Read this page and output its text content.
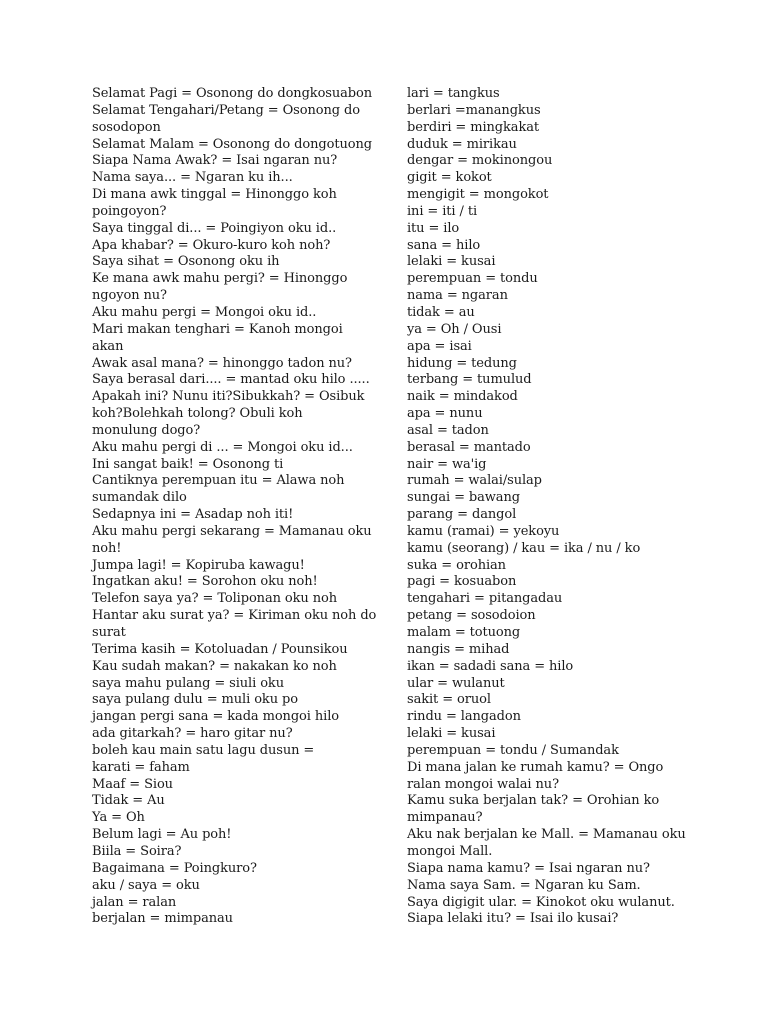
Selamat Pagi = Osonong do dongkosuabon
Selamat Tengahari/Petang = Osonong do
sosodopon
Selamat Malam = Osonong do dongotuong
Siapa Nama Awak? = Isai ngaran nu?
Nama saya... = Ngaran ku ih...
Di mana awk tinggal = Hinonggo koh
poingoyon?
Saya tinggal di... = Poingiyon oku id..
Apa khabar? = Okuro-kuro koh noh?
Saya sihat = Osonong oku ih
Ke mana awk mahu pergi? = Hinonggo
ngoyon nu?
Aku mahu pergi = Mongoi oku id..
Mari makan tenghari = Kanoh mongoi
akan
Awak asal mana? = hinonggo tadon nu?
Saya berasal dari.... = mantad oku hilo .....
Apakah ini? Nunu iti?Sibukkah? = Osibuk
koh?Bolehkah tolong? Obuli koh
monulung dogo?
Aku mahu pergi di ... = Mongoi oku id...
Ini sangat baik! = Osonong ti
Cantiknya perempuan itu = Alawa noh
sumandak dilo
Sedapnya ini = Asadap noh iti!
Aku mahu pergi sekarang = Mamanau oku
noh!
Jumpa lagi! = Kopiruba kawagu!
Ingatkan aku! = Sorohon oku noh!
Telefon saya ya? = Toliponan oku noh
Hantar aku surat ya? = Kiriman oku noh do
surat
Terima kasih = Kotoluadan / Pounsikou
Kau sudah makan? = nakakan ko noh
saya mahu pulang = siuli oku
saya pulang dulu = muli oku po
jangan pergi sana = kada mongoi hilo
ada gitarkah? = haro gitar nu?
boleh kau main satu lagu dusun =
karati = faham
Maaf = Siou
Tidak = Au
Ya = Oh
Belum lagi = Au poh!
Biila = Soira?
Bagaimana = Poingkuro?
aku / saya = oku
jalan = ralan
berjalan = mimpanau
lari = tangkus
berlari =manangkus
berdiri = mingkakat
duduk = mirikau
dengar = mokinongou
gigit = kokot
mengigit = mongokot
ini = iti / ti
itu = ilo
sana = hilo
lelaki = kusai
perempuan = tondu
nama = ngaran
tidak = au
ya = Oh / Ousi
apa = isai
hidung = tedung
terbang = tumulud
naik = mindakod
apa = nunu
asal = tadon
berasal = mantado
nair = wa'ig
rumah = walai/sulap
sungai = bawang
parang = dangol
kamu (ramai) = yekoyu
kamu (seorang) / kau = ika / nu / ko
suka = orohian
pagi = kosuabon
tengahari = pitangadau
petang = sosodoion
malam = totuong
nangis = mihad
ikan = sadadi sana = hilo
ular = wulanut
sakit = oruol
rindu = langadon
lelaki = kusai
perempuan = tondu / Sumandak
Di mana jalan ke rumah kamu? = Ongo
ralan mongoi walai nu?
Kamu suka berjalan tak? = Orohian ko
mimpanau?
Aku nak berjalan ke Mall. = Mamanau oku
mongoi Mall.
Siapa nama kamu? = Isai ngaran nu?
Nama saya Sam. = Ngaran ku Sam.
Saya digigit ular. = Kinokot oku wulanut.
Siapa lelaki itu? = Isai ilo kusai?
